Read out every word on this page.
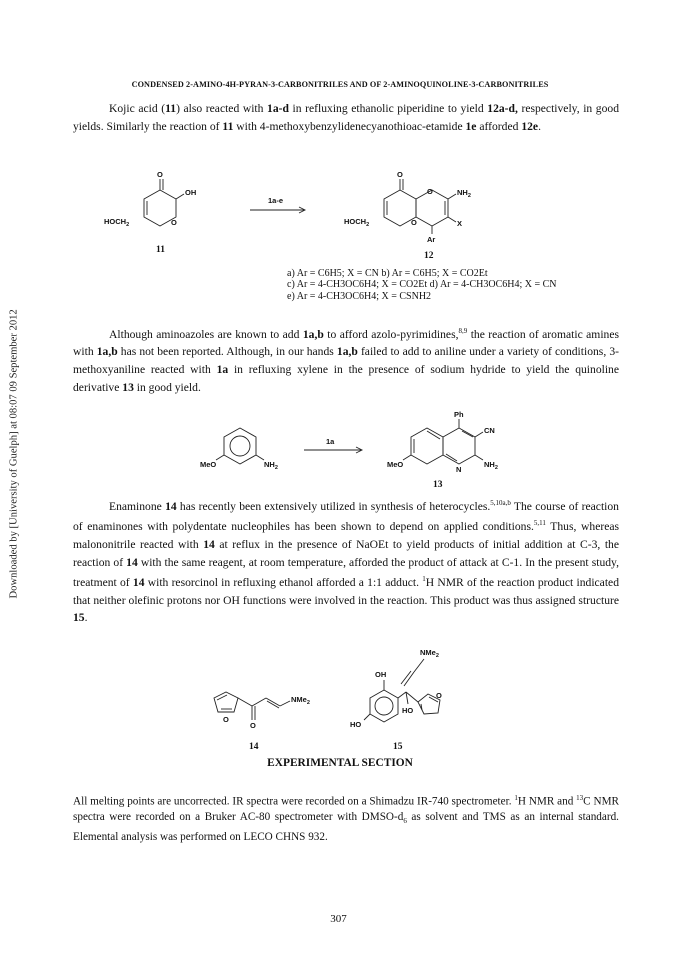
Downloaded by [University of Guelph] at 08:07 09 September 2012
CONDENSED 2-AMINO-4H-PYRAN-3-CARBONITRILES AND OF 2-AMINOQUINOLINE-3-CARBONITRILES
Kojic acid (11) also reacted with 1a-d in refluxing ethanolic piperidine to yield 12a-d, respectively, in good yields. Similarly the reaction of 11 with 4-methoxybenzylidenecyanothioac-etamide 1e afforded 12e.
O
OH
O
$HOCH_2$
11
1a-e
O
O
O
$NH_2$
X
Ar
$HOCH_2$
12
a) Ar = C6H5; X = CN b) Ar = C6H5; X = CO2Et
c) Ar = 4-CH3OC6H4; X = CO2Et d) Ar = 4-CH3OC6H4; X = CN
e) Ar = 4-CH3OC6H4; X = CSNH2
Although aminoazoles are known to add 1a,b to afford azolo-pyrimidines,$^{8,9}$ the reaction of aromatic amines with 1a,b has not been reported. Although, in our hands 1a,b failed to add to aniline under a variety of conditions, 3-methoxyaniline reacted with 1a in refluxing xylene in the presence of sodium hydride to yield the quinoline derivative 13 in good yield.
MeO	$NH_2$
1a
Ph
CN
N
$NH_2$
MeO
13
Enaminone 14 has recently been extensively utilized in synthesis of heterocycles.$^{5,10a,b}$ The course of reaction of enaminones with polydentate nucleophiles has been shown to depend on applied conditions.$^{5,11}$ Thus, whereas malononitrile reacted with 14 at reflux in the presence of NaOEt to yield products of initial addition at C-3, the reaction of 14 with the same reagent, at room temperature, afforded the product of attack at C-1. In the present study, treatment of 14 with resorcinol in refluxing ethanol afforded a 1:1 adduct. $^1$H NMR of the reaction product indicated that neither olefinic protons nor OH functions were involved in the reaction. This product was thus assigned structure 15.
O
O
NMe$_2$
14
NMe$_2$
OH
HO
HO
O
15
EXPERIMENTAL SECTION
All melting points are uncorrected. IR spectra were recorded on a Shimadzu IR-740 spectrometer. $^1$H NMR and $^{13}$C NMR spectra were recorded on a Bruker AC-80 spectrometer with DMSO-$d_6$ as solvent and TMS as an internal standard. Elemental analysis was performed on LECO CHNS 932.
307
